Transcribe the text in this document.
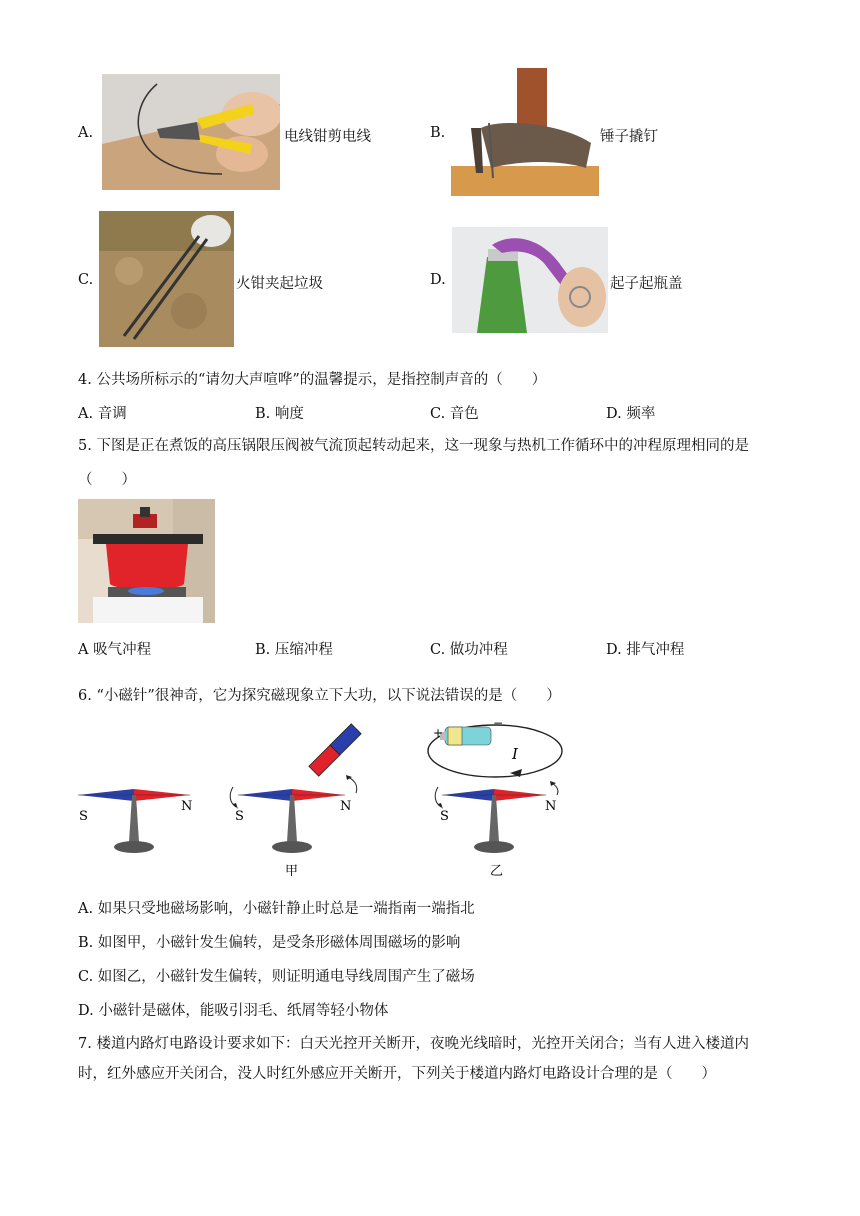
A.	电线钳剪电线	B.	锤子撬钉
C.	火钳夹起垃圾	D.	起子起瓶盖
4. 公共场所标示的“请勿大声喧哗”的温馨提示，是指控制声音的（　　）
A. 音调	B. 响度	C. 音色	D. 频率
5. 下图是正在煮饭的高压锅限压阀被气流顶起转动起来，这一现象与热机工作循环中的冲程原理相同的是
（　　）
A 吸气冲程	B. 压缩冲程	C. 做功冲程	D. 排气冲程
6. “小磁针”很神奇，它为探究磁现象立下大功，以下说法错误的是（　　）
S
N
S
N
甲
+
−
I
S
N
乙
A. 如果只受地磁场影响，小磁针静止时总是一端指南一端指北
B. 如图甲，小磁针发生偏转，是受条形磁体周围磁场的影响
C. 如图乙，小磁针发生偏转，则证明通电导线周围产生了磁场
D. 小磁针是磁体，能吸引羽毛、纸屑等轻小物体
7. 楼道内路灯电路设计要求如下：白天光控开关断开，夜晚光线暗时，光控开关闭合；当有人进入楼道内
时，红外感应开关闭合，没人时红外感应开关断开，下列关于楼道内路灯电路设计合理的是（　　）
